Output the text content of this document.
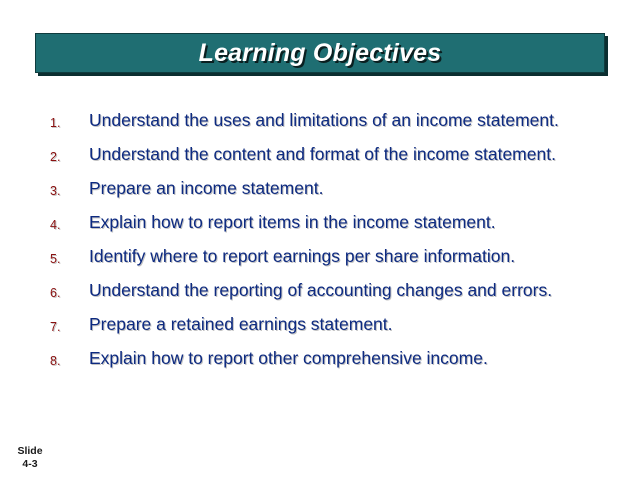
Learning Objectives
1. Understand the uses and limitations of an income statement.
2. Understand the content and format of the income statement.
3. Prepare an income statement.
4. Explain how to report items in the income statement.
5. Identify where to report earnings per share information.
6. Understand the reporting of accounting changes and errors.
7. Prepare a retained earnings statement.
8. Explain how to report other comprehensive income.
Slide
4-3
